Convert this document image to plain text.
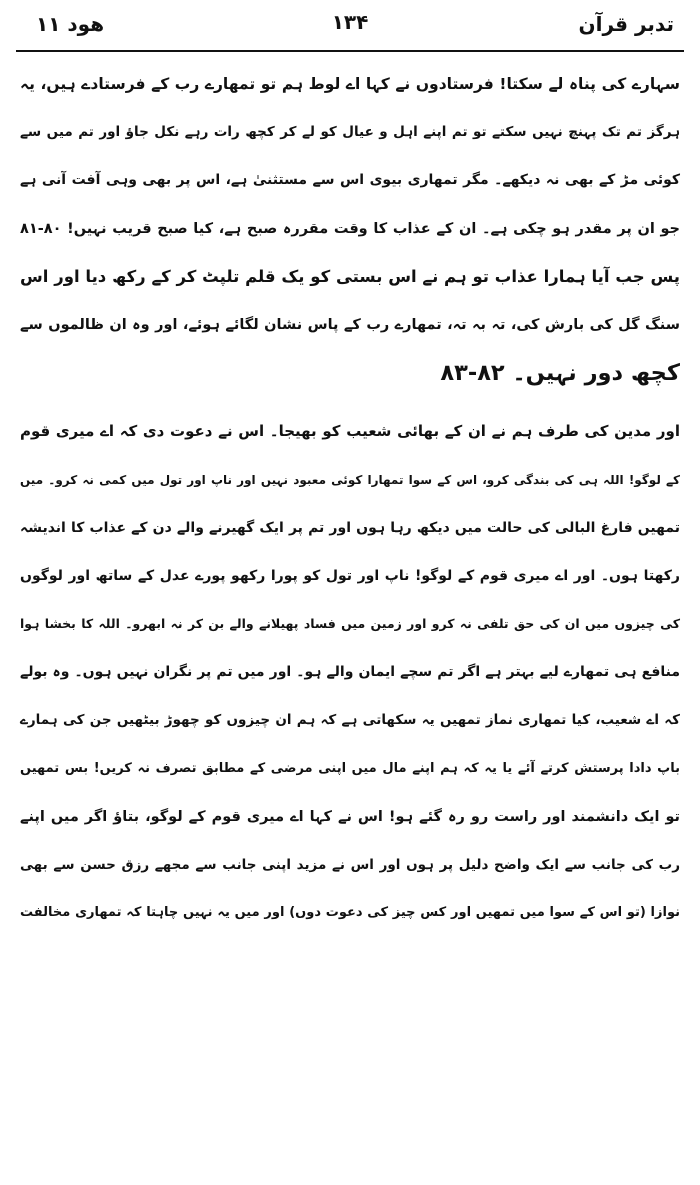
تدبر قرآن
۱۳۴
ھود ۱۱
سہارے کی پناہ لے سکتا! فرستادوں نے کہا اے لوط ہم تو تمھارے رب کے فرستادے ہیں، یہ
ہرگز تم تک پہنچ نہیں سکتے تو تم اپنے اہل و عیال کو لے کر کچھ رات رہے نکل جاؤ اور تم میں سے
کوئی مڑ کے بھی نہ دیکھے۔ مگر تمھاری بیوی اس سے مستثنیٰ ہے، اس پر بھی وہی آفت آنی ہے
جو ان پر مقدر ہو چکی ہے۔ ان کے عذاب کا وقت مقررہ صبح ہے، کیا صبح قریب نہیں! ۸۰-۸۱
پس جب آیا ہمارا عذاب تو ہم نے اس بستی کو یک قلم تلپٹ کر کے رکھ دیا اور اس
سنگ گل کی بارش کی، تہ بہ تہ، تمھارے رب کے پاس نشان لگائے ہوئے، اور وہ ان ظالموں سے
کچھ دور نہیں۔ ۸۲-۸۳
اور مدین کی طرف ہم نے ان کے بھائی شعیب کو بھیجا۔ اس نے دعوت دی کہ اے میری قوم
کے لوگو! اللہ ہی کی بندگی کرو، اس کے سوا تمھارا کوئی معبود نہیں اور ناپ اور تول میں کمی نہ کرو۔ میں
تمھیں فارغ البالی کی حالت میں دیکھ رہا ہوں اور تم پر ایک گھیرنے والے دن کے عذاب کا اندیشہ
رکھتا ہوں۔ اور اے میری قوم کے لوگو! ناپ اور تول کو پورا رکھو پورے عدل کے ساتھ اور لوگوں
کی چیزوں میں ان کی حق تلفی نہ کرو اور زمین میں فساد پھیلانے والے بن کر نہ ابھرو۔ اللہ کا بخشا ہوا
منافع ہی تمھارے لیے بہتر ہے اگر تم سچے ایمان والے ہو۔ اور میں تم پر نگران نہیں ہوں۔ وہ بولے
کہ اے شعیب، کیا تمھاری نماز تمھیں یہ سکھاتی ہے کہ ہم ان چیزوں کو چھوڑ بیٹھیں جن کی ہمارے
باپ دادا پرستش کرتے آئے یا یہ کہ ہم اپنے مال میں اپنی مرضی کے مطابق تصرف نہ کریں! بس تمھیں
تو ایک دانشمند اور راست رو رہ گئے ہو! اس نے کہا اے میری قوم کے لوگو، بتاؤ اگر میں اپنے
رب کی جانب سے ایک واضح دلیل پر ہوں اور اس نے مزید اپنی جانب سے مجھے رزق حسن سے بھی
نوازا (تو اس کے سوا میں تمھیں اور کس چیز کی دعوت دوں) اور میں یہ نہیں چاہتا کہ تمھاری مخالفت
